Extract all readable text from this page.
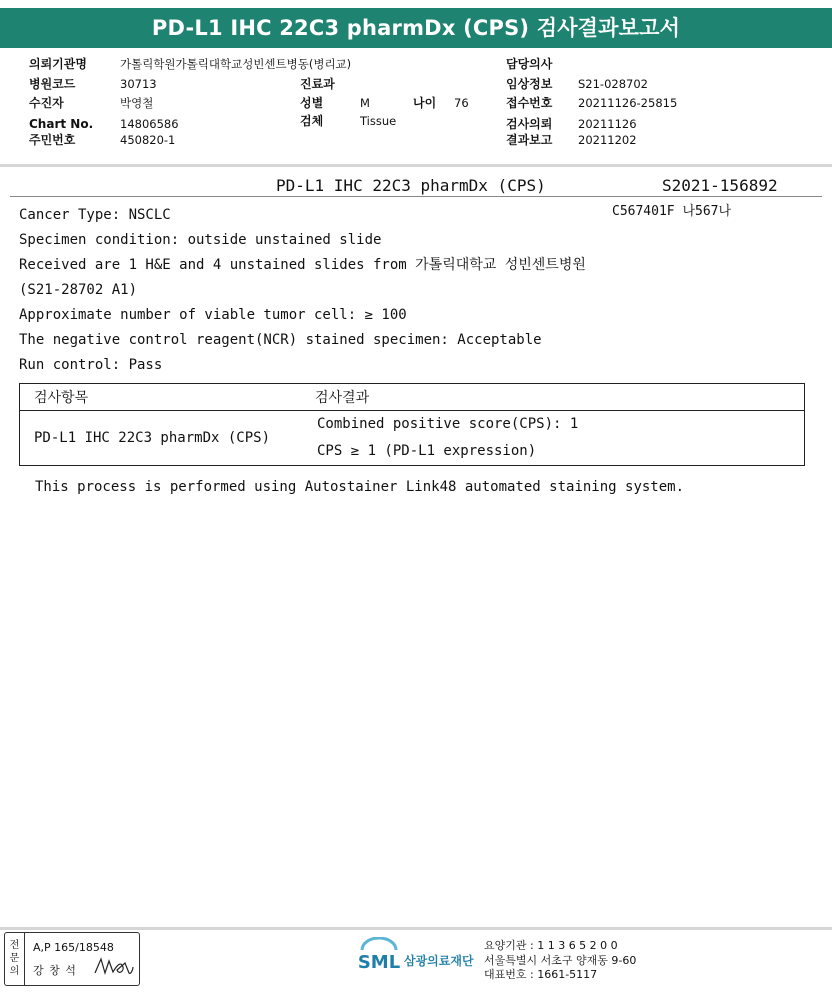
PD-L1 IHC 22C3 pharmDx (CPS) 검사결과보고서
의뢰기관명	가톨릭학원가톨릭대학교성빈센트병동(병리교)
병원코드	30713
수진자	박영철
Chart No. 14806586
주민번호	450820-1
진료과
성별	M	나이 76
검체	Tissue
담당의사
임상정보 S21-028702
접수번호 20211126-25815
검사의뢰 20211126
결과보고 20211202
PD-L1 IHC 22C3 pharmDx (CPS)	S2021-156892
C567401F 나567나
Cancer Type: NSCLC
Specimen condition: outside unstained slide
Received are 1 H&E and 4 unstained slides from 가톨릭대학교 성빈센트병원
(S21-28702 A1)
Approximate number of viable tumor cell: ≥ 100
The negative control reagent(NCR) stained specimen: Acceptable
Run control: Pass
검사항목	검사결과
PD-L1 IHC 22C3 pharmDx (CPS)	Combined positive score(CPS): 1
CPS ≥ 1 (PD-L1 expression)
This process is performed using Autostainer Link48 automated staining system.
전
문
의
A,P 165/18548
강 창 석	SML 삼광의료재단
요양기관 : 1 1 3 6 5 2 0 0
서울특별시 서초구 양재동 9-60
대표번호 : 1661-5117
